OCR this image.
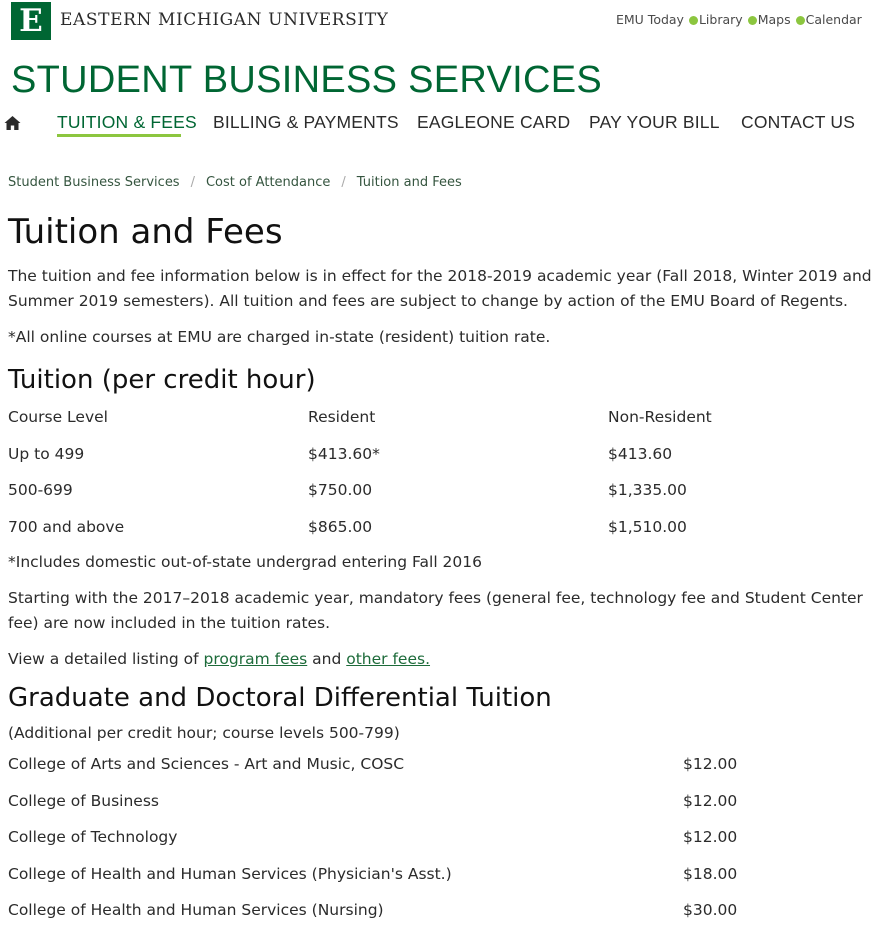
E	EASTERN MICHIGAN UNIVERSITY	EMU Today Library Maps Calendar
STUDENT BUSINESS SERVICES
TUITION & FEES BILLING & PAYMENTS EAGLEONE CARD PAY YOUR BILL CONTACT US
Student Business Services / Cost of Attendance / Tuition and Fees
Tuition and Fees

The tuition and fee information below is in effect for the 2018-2019 academic year (Fall 2018, Winter 2019 and Summer 2019 semesters). All tuition and fees are subject to change by action of the EMU Board of Regents.

*All online courses at EMU are charged in-state (resident) tuition rate.

Tuition (per credit hour)
Course Level	Resident	Non-Resident
Up to 499	$413.60*	$413.60
500-699	$750.00	$1,335.00
700 and above	$865.00	$1,510.00

*Includes domestic out-of-state undergrad entering Fall 2016

Starting with the 2017–2018 academic year, mandatory fees (general fee, technology fee and Student Center fee) are now included in the tuition rates.

View a detailed listing of program fees and other fees.

Graduate and Doctoral Differential Tuition

(Additional per credit hour; course levels 500-799)

College of Arts and Sciences - Art and Music, COSC	$12.00
College of Business	$12.00
College of Technology	$12.00
College of Health and Human Services (Physician's Asst.)	$18.00
College of Health and Human Services (Nursing)	$30.00
